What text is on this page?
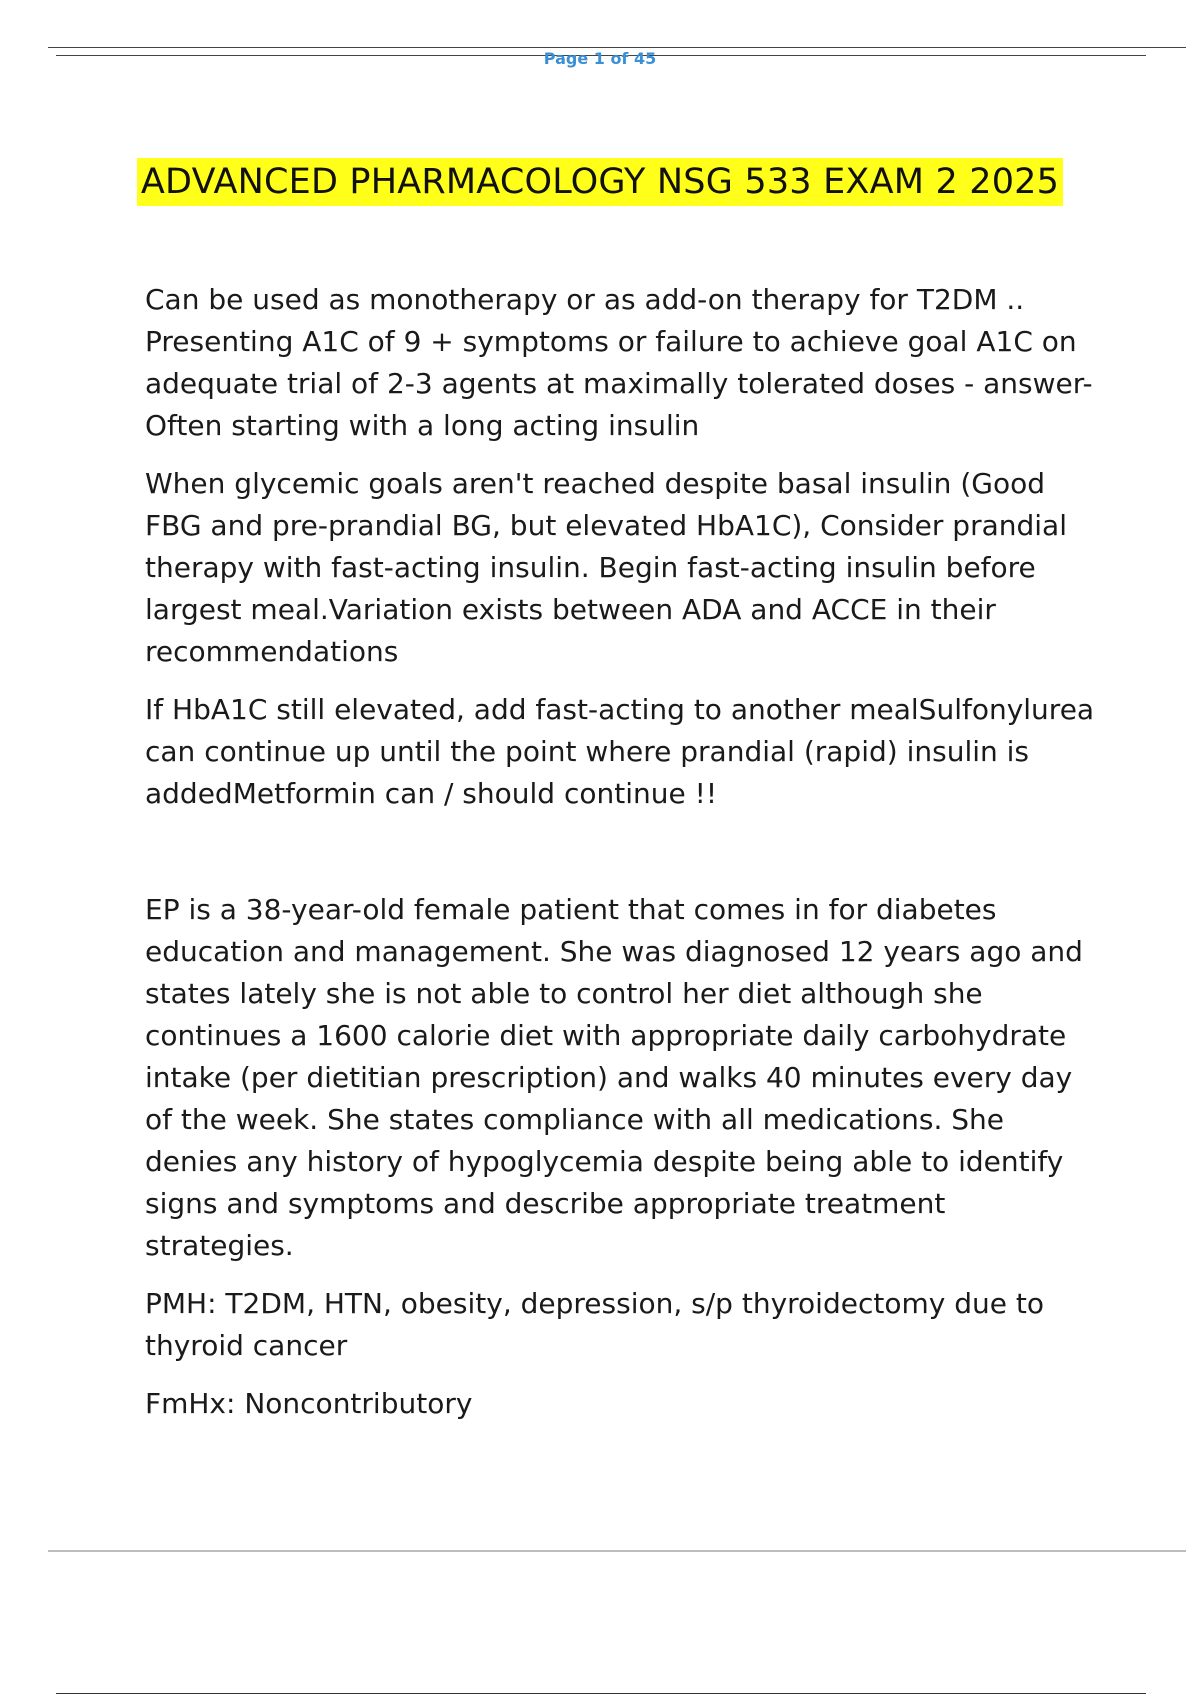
Page 1 of 45
ADVANCED PHARMACOLOGY NSG 533 EXAM 2 2025

Can be used as monotherapy or as add-on therapy for T2DM .. Presenting A1C of 9 + symptoms or failure to achieve goal A1C on adequate trial of 2-3 agents at maximally tolerated doses - answer-Often starting with a long acting insulin

When glycemic goals aren't reached despite basal insulin (Good FBG and pre-prandial BG, but elevated HbA1C), Consider prandial therapy with fast-acting insulin. Begin fast-acting insulin before largest meal.Variation exists between ADA and ACCE in their recommendations

If HbA1C still elevated, add fast-acting to another mealSulfonylurea can continue up until the point where prandial (rapid) insulin is addedMetformin can / should continue !!

EP is a 38-year-old female patient that comes in for diabetes education and management. She was diagnosed 12 years ago and states lately she is not able to control her diet although she continues a 1600 calorie diet with appropriate daily carbohydrate intake (per dietitian prescription) and walks 40 minutes every day of the week. She states compliance with all medications. She denies any history of hypoglycemia despite being able to identify signs and symptoms and describe appropriate treatment strategies.

PMH: T2DM, HTN, obesity, depression, s/p thyroidectomy due to thyroid cancer

FmHx: Noncontributory
